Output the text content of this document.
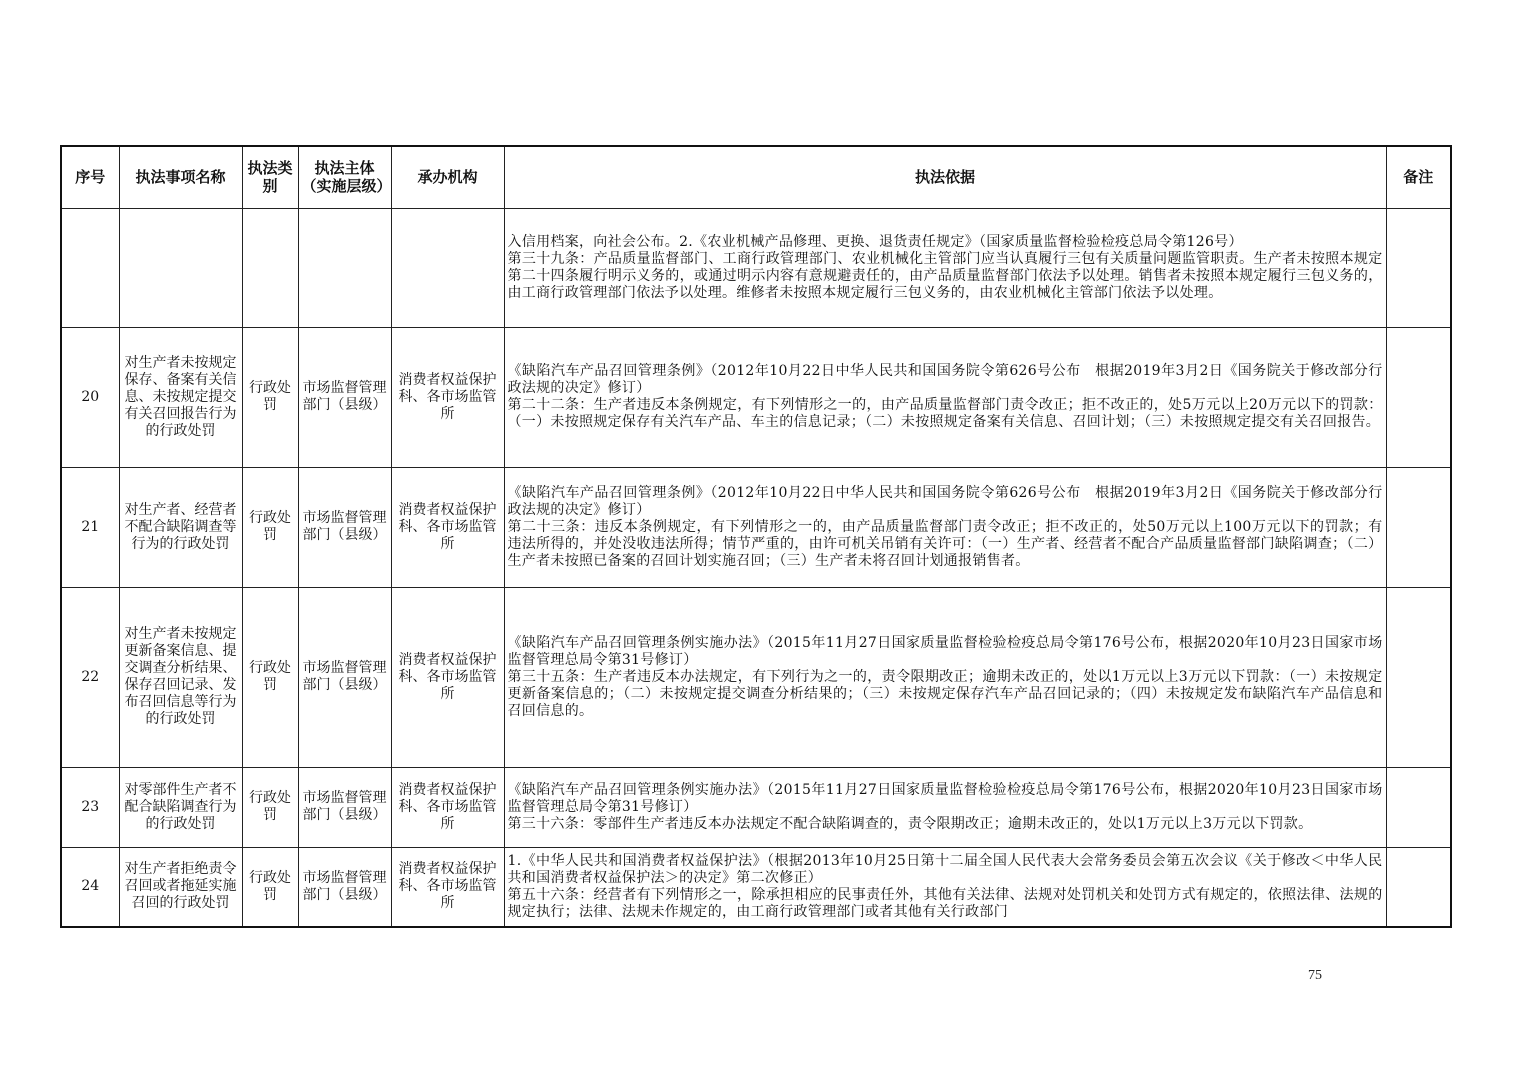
序号	执法事项名称	执法类别	执法主体（实施层级）	承办机构	执法依据	备注

					入信用档案，向社会公布。2.《农业机械产品修理、更换、退货责任规定》（国家质量监督检验检疫总局令第126号）

第三十九条：产品质量监督部门、工商行政管理部门、农业机械化主管部门应当认真履行三包有关质量问题监管职责。生产者未按照本规定第二十四条履行明示义务的，或通过明示内容有意规避责任的，由产品质量监督部门依法予以处理。销售者未按照本规定履行三包义务的，由工商行政管理部门依法予以处理。维修者未按照本规定履行三包义务的，由农业机械化主管部门依法予以处理。	

20	对生产者未按规定保存、备案有关信息、未按规定提交有关召回报告行为的行政处罚	行政处罚	市场监督管理部门（县级）	消费者权益保护科、各市场监管所	《缺陷汽车产品召回管理条例》（2012年10月22日中华人民共和国国务院令第626号公布　根据2019年3月2日《国务院关于修改部分行政法规的决定》修订）

第二十二条：生产者违反本条例规定，有下列情形之一的，由产品质量监督部门责令改正；拒不改正的，处5万元以上20万元以下的罚款：（一）未按照规定保存有关汽车产品、车主的信息记录；（二）未按照规定备案有关信息、召回计划；（三）未按照规定提交有关召回报告。	

21	对生产者、经营者不配合缺陷调查等行为的行政处罚	行政处罚	市场监督管理部门（县级）	消费者权益保护科、各市场监管所	《缺陷汽车产品召回管理条例》（2012年10月22日中华人民共和国国务院令第626号公布　根据2019年3月2日《国务院关于修改部分行政法规的决定》修订）

第二十三条：违反本条例规定，有下列情形之一的，由产品质量监督部门责令改正；拒不改正的，处50万元以上100万元以下的罚款；有违法所得的，并处没收违法所得；情节严重的，由许可机关吊销有关许可：（一）生产者、经营者不配合产品质量监督部门缺陷调查；（二）生产者未按照已备案的召回计划实施召回；（三）生产者未将召回计划通报销售者。	

22	对生产者未按规定更新备案信息、提交调查分析结果、保存召回记录、发布召回信息等行为的行政处罚	行政处罚	市场监督管理部门（县级）	消费者权益保护科、各市场监管所	《缺陷汽车产品召回管理条例实施办法》（2015年11月27日国家质量监督检验检疫总局令第176号公布，根据2020年10月23日国家市场监督管理总局令第31号修订）

第三十五条：生产者违反本办法规定，有下列行为之一的，责令限期改正；逾期未改正的，处以1万元以上3万元以下罚款：（一）未按规定更新备案信息的；（二）未按规定提交调查分析结果的；（三）未按规定保存汽车产品召回记录的；（四）未按规定发布缺陷汽车产品信息和召回信息的。	

23	对零部件生产者不配合缺陷调查行为的行政处罚	行政处罚	市场监督管理部门（县级）	消费者权益保护科、各市场监管所	《缺陷汽车产品召回管理条例实施办法》（2015年11月27日国家质量监督检验检疫总局令第176号公布，根据2020年10月23日国家市场监督管理总局令第31号修订）

第三十六条：零部件生产者违反本办法规定不配合缺陷调查的，责令限期改正；逾期未改正的，处以1万元以上3万元以下罚款。	

24	对生产者拒绝责令召回或者拖延实施召回的行政处罚	行政处罚	市场监督管理部门（县级）	消费者权益保护科、各市场监管所	1.《中华人民共和国消费者权益保护法》（根据2013年10月25日第十二届全国人民代表大会常务委员会第五次会议《关于修改＜中华人民共和国消费者权益保护法＞的决定》第二次修正）

第五十六条：经营者有下列情形之一，除承担相应的民事责任外，其他有关法律、法规对处罚机关和处罚方式有规定的，依照法律、法规的规定执行；法律、法规未作规定的，由工商行政管理部门或者其他有关行政部门	

75
